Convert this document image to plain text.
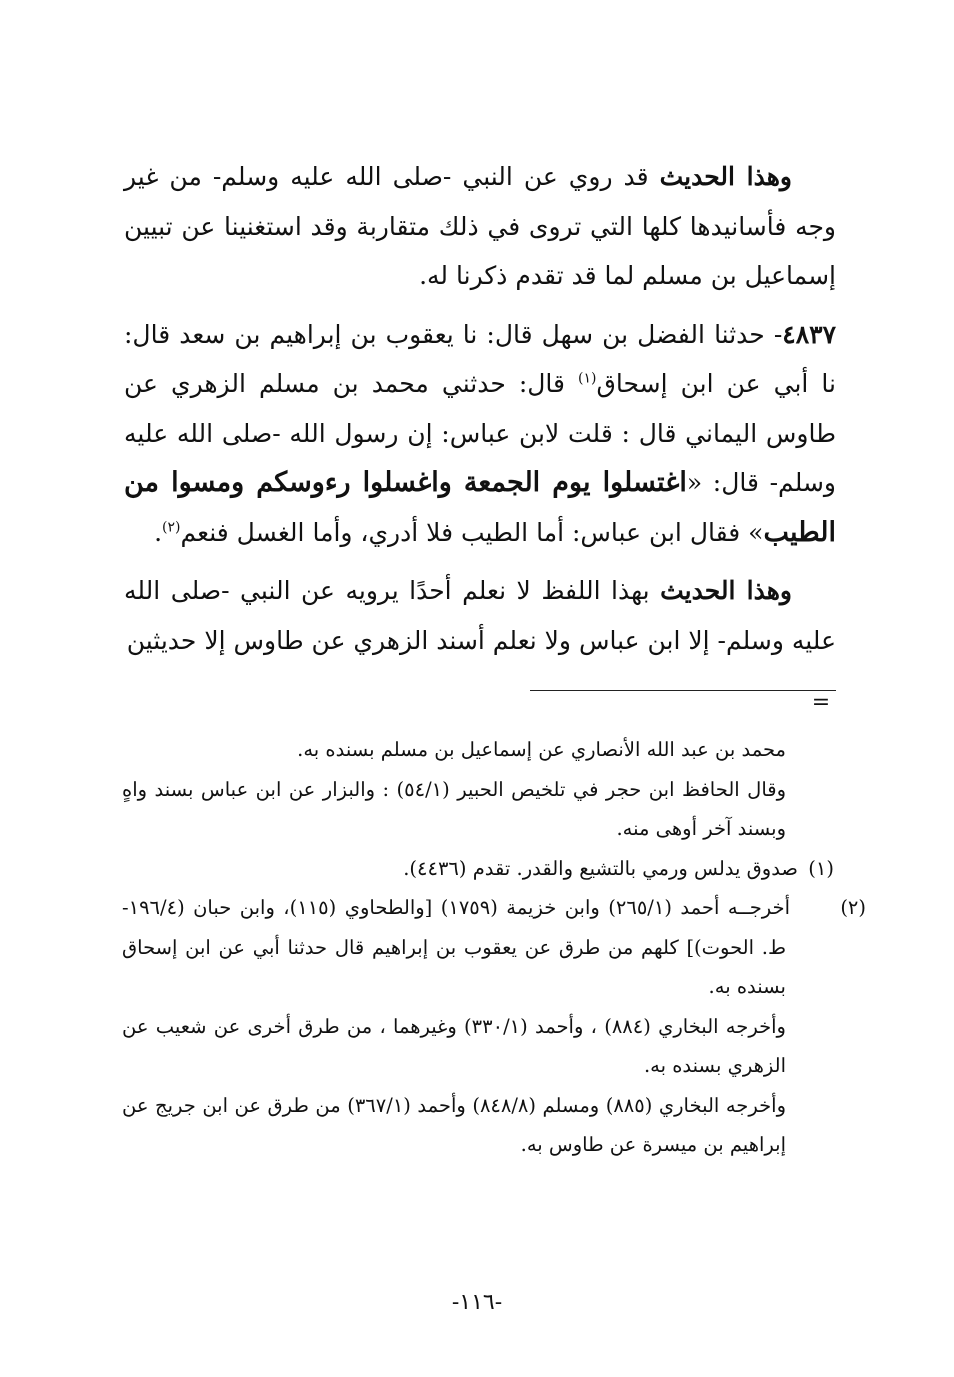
وهذا الحديث قد روي عن النبي -صلى الله عليه وسلم- من غير وجه فأسانيدها كلها التي تروى في ذلك متقاربة وقد استغنينا عن تبيين إسماعيل بن مسلم لما قد تقدم ذكرنا له.

٤٨٣٧- حدثنا الفضل بن سهل قال: نا يعقوب بن إبراهيم بن سعد قال: نا أبي عن ابن إسحاق$^{(١)}$ قال: حدثني محمد بن مسلم الزهري عن طاوس اليماني قال : قلت لابن عباس: إن رسول الله -صلى الله عليه وسلم- قال: «اغتسلوا يوم الجمعة واغسلوا رءوسكم ومسوا من الطيب» فقال ابن عباس: أما الطيب فلا أدري، وأما الغسل فنعم$^{(٢)}$.

وهذا الحديث بهذا اللفظ لا نعلم أحدًا يرويه عن النبي -صلى الله عليه وسلم- إلا ابن عباس ولا نعلم أسند الزهري عن طاوس إلا حديثين

=

محمد بن عبد الله الأنصاري عن إسماعيل بن مسلم بسنده به.

وقال الحافظ ابن حجر في تلخيص الحبير (٥٤/١) : والبزار عن ابن عباس بسند واهٍ وبسند آخر أوهى منه.

(١)صدوق يدلس ورمي بالتشيع والقدر. تقدم (٤٤٣٦).

(٢)أخرجــه أحمد (٢٦٥/١) وابن خزيمة (١٧٥٩) [والطحاوي (١١٥)، وابن حبان (١٩٦/٤-ط. الحوت)] كلهم من طرق عن يعقوب بن إبراهيم قال حدثنا أبي عن ابن إسحاق بسنده به.

وأخرجه البخاري (٨٨٤) ، وأحمد (٣٣٠/١) وغيرهما ، من طرق أخرى عن شعيب عن الزهري بسنده به.

وأخرجه البخاري (٨٨٥) ومسلم (٨٤٨/٨) وأحمد (٣٦٧/١) من طرق عن ابن جريج عن إبراهيم بن ميسرة عن طاوس به.

-١١٦-
